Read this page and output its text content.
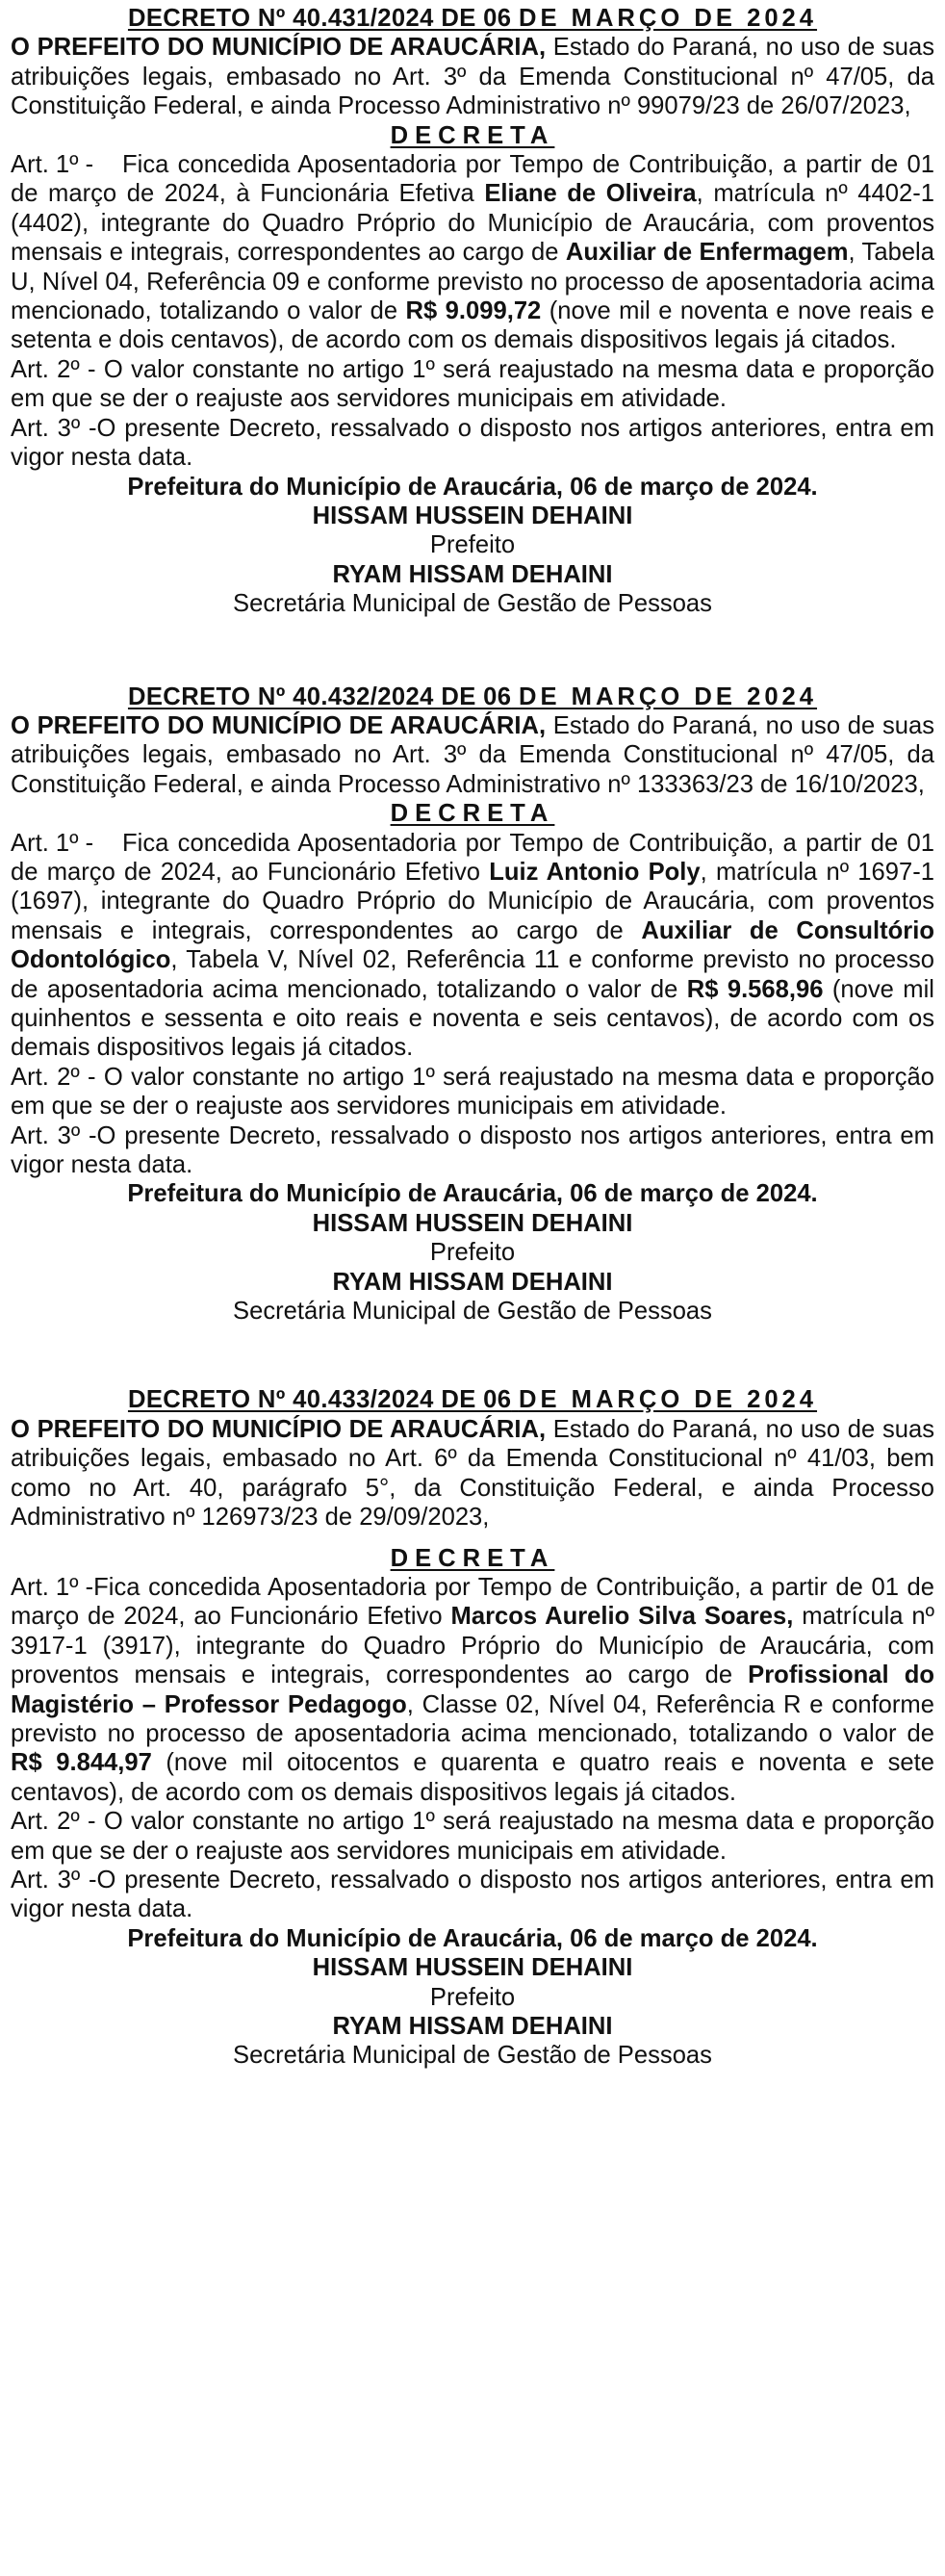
DECRETO Nº 40.431/2024 DE 06 DE MARÇO DE 2024

O PREFEITO DO MUNICÍPIO DE ARAUCÁRIA, Estado do Paraná, no uso de suas atribuições legais, embasado no Art. 3º da Emenda Constitucional nº 47/05, da Constituição Federal, e ainda Processo Administrativo nº 99079/23 de 26/07/2023,

DECRETA

Art. 1º - Fica concedida Aposentadoria por Tempo de Contribuição, a partir de 01 de março de 2024, à Funcionária Efetiva Eliane de Oliveira, matrícula nº 4402-1 (4402), integrante do Quadro Próprio do Município de Araucária, com proventos mensais e integrais, correspondentes ao cargo de Auxiliar de Enfermagem, Tabela U, Nível 04, Referência 09 e conforme previsto no processo de aposentadoria acima mencionado, totalizando o valor de R$ 9.099,72 (nove mil e noventa e nove reais e setenta e dois centavos), de acordo com os demais dispositivos legais já citados.

Art. 2º - O valor constante no artigo 1º será reajustado na mesma data e proporção em que se der o reajuste aos servidores municipais em atividade.

Art. 3º -O presente Decreto, ressalvado o disposto nos artigos anteriores, entra em vigor nesta data.

Prefeitura do Município de Araucária, 06 de março de 2024.

HISSAM HUSSEIN DEHAINI

Prefeito

RYAM HISSAM DEHAINI

Secretária Municipal de Gestão de Pessoas

DECRETO Nº 40.432/2024 DE 06 DE MARÇO DE 2024

O PREFEITO DO MUNICÍPIO DE ARAUCÁRIA, Estado do Paraná, no uso de suas atribuições legais, embasado no Art. 3º da Emenda Constitucional nº 47/05, da Constituição Federal, e ainda Processo Administrativo nº 133363/23 de 16/10/2023,

DECRETA

Art. 1º - Fica concedida Aposentadoria por Tempo de Contribuição, a partir de 01 de março de 2024, ao Funcionário Efetivo Luiz Antonio Poly, matrícula nº 1697-1 (1697), integrante do Quadro Próprio do Município de Araucária, com proventos mensais e integrais, correspondentes ao cargo de Auxiliar de Consultório Odontológico, Tabela V, Nível 02, Referência 11 e conforme previsto no processo de aposentadoria acima mencionado, totalizando o valor de R$ 9.568,96 (nove mil quinhentos e sessenta e oito reais e noventa e seis centavos), de acordo com os demais dispositivos legais já citados.

Art. 2º - O valor constante no artigo 1º será reajustado na mesma data e proporção em que se der o reajuste aos servidores municipais em atividade.

Art. 3º -O presente Decreto, ressalvado o disposto nos artigos anteriores, entra em vigor nesta data.

Prefeitura do Município de Araucária, 06 de março de 2024.

HISSAM HUSSEIN DEHAINI

Prefeito

RYAM HISSAM DEHAINI

Secretária Municipal de Gestão de Pessoas

DECRETO Nº 40.433/2024 DE 06 DE MARÇO DE 2024

O PREFEITO DO MUNICÍPIO DE ARAUCÁRIA, Estado do Paraná, no uso de suas atribuições legais, embasado no Art. 6º da Emenda Constitucional nº 41/03, bem como no Art. 40, parágrafo 5°, da Constituição Federal, e ainda Processo Administrativo nº 126973/23 de 29/09/2023,

DECRETA

Art. 1º -Fica concedida Aposentadoria por Tempo de Contribuição, a partir de 01 de março de 2024, ao Funcionário Efetivo Marcos Aurelio Silva Soares, matrícula nº 3917-1 (3917), integrante do Quadro Próprio do Município de Araucária, com proventos mensais e integrais, correspondentes ao cargo de Profissional do Magistério – Professor Pedagogo, Classe 02, Nível 04, Referência R e conforme previsto no processo de aposentadoria acima mencionado, totalizando o valor de R$ 9.844,97 (nove mil oitocentos e quarenta e quatro reais e noventa e sete centavos), de acordo com os demais dispositivos legais já citados.

Art. 2º - O valor constante no artigo 1º será reajustado na mesma data e proporção em que se der o reajuste aos servidores municipais em atividade.

Art. 3º -O presente Decreto, ressalvado o disposto nos artigos anteriores, entra em vigor nesta data.

Prefeitura do Município de Araucária, 06 de março de 2024.

HISSAM HUSSEIN DEHAINI

Prefeito

RYAM HISSAM DEHAINI

Secretária Municipal de Gestão de Pessoas
